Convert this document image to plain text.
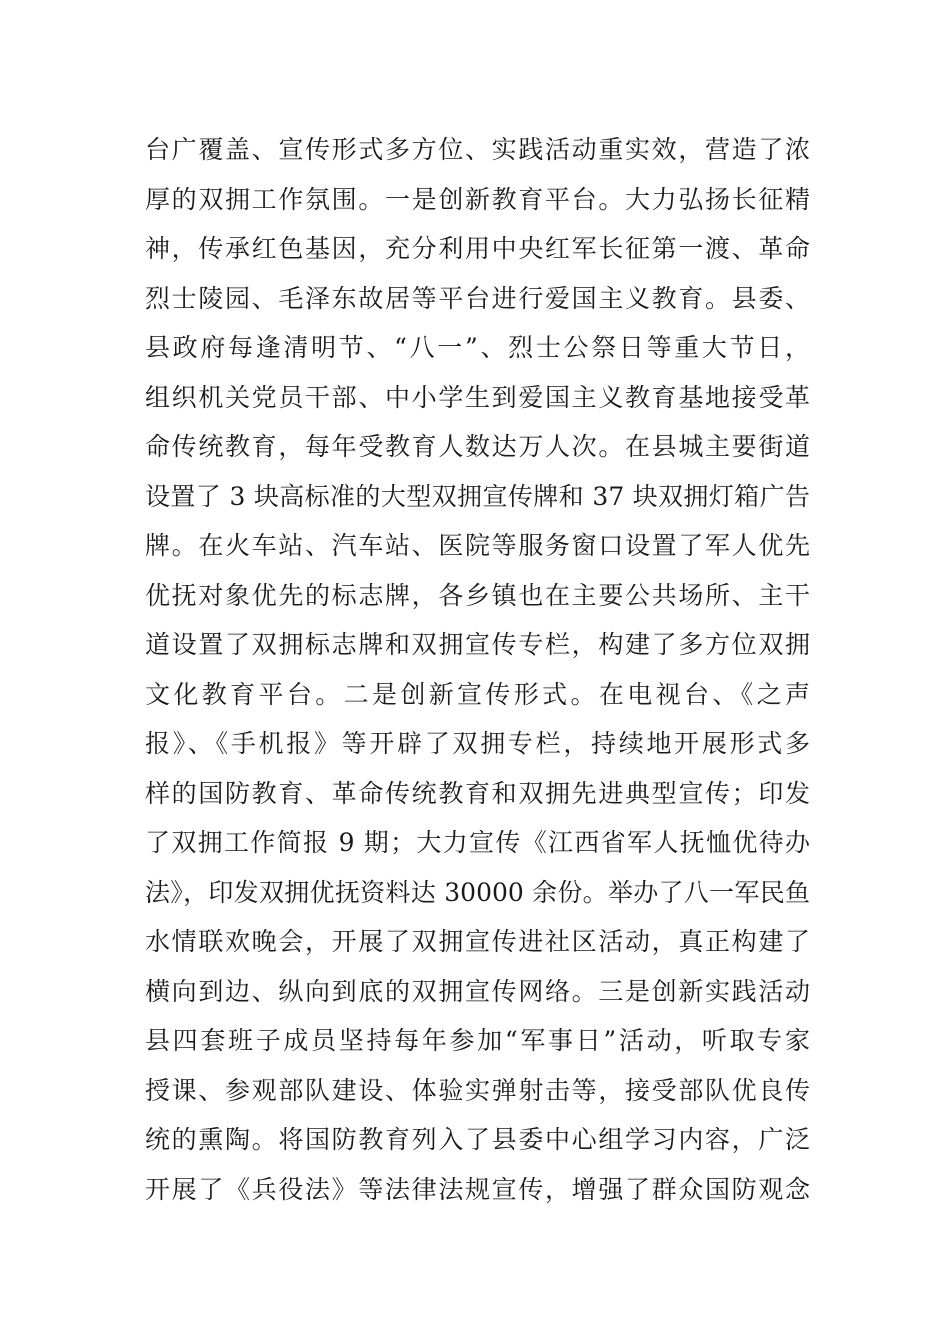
台广覆盖、宣传形式多方位、实践活动重实效，营造了浓
厚的双拥工作氛围。一是创新教育平台。大力弘扬长征精
神，传承红色基因，充分利用中央红军长征第一渡、革命
烈士陵园、毛泽东故居等平台进行爱国主义教育。县委、
县政府每逢清明节、“八一”、烈士公祭日等重大节日，
组织机关党员干部、中小学生到爱国主义教育基地接受革
命传统教育，每年受教育人数达万人次。在县城主要街道
设置了 3 块高标准的大型双拥宣传牌和 37 块双拥灯箱广告
牌。在火车站、汽车站、医院等服务窗口设置了军人优先
优抚对象优先的标志牌，各乡镇也在主要公共场所、主干
道设置了双拥标志牌和双拥宣传专栏，构建了多方位双拥
文化教育平台。二是创新宣传形式。在电视台、《之声
报》、《手机报》等开辟了双拥专栏，持续地开展形式多
样的国防教育、革命传统教育和双拥先进典型宣传；印发
了双拥工作简报 9 期；大力宣传《江西省军人抚恤优待办
法》，印发双拥优抚资料达 30000 余份。举办了八一军民鱼
水情联欢晚会，开展了双拥宣传进社区活动，真正构建了
横向到边、纵向到底的双拥宣传网络。三是创新实践活动
县四套班子成员坚持每年参加“军事日”活动，听取专家
授课、参观部队建设、体验实弹射击等，接受部队优良传
统的熏陶。将国防教育列入了县委中心组学习内容，广泛
开展了《兵役法》等法律法规宣传，增强了群众国防观念
